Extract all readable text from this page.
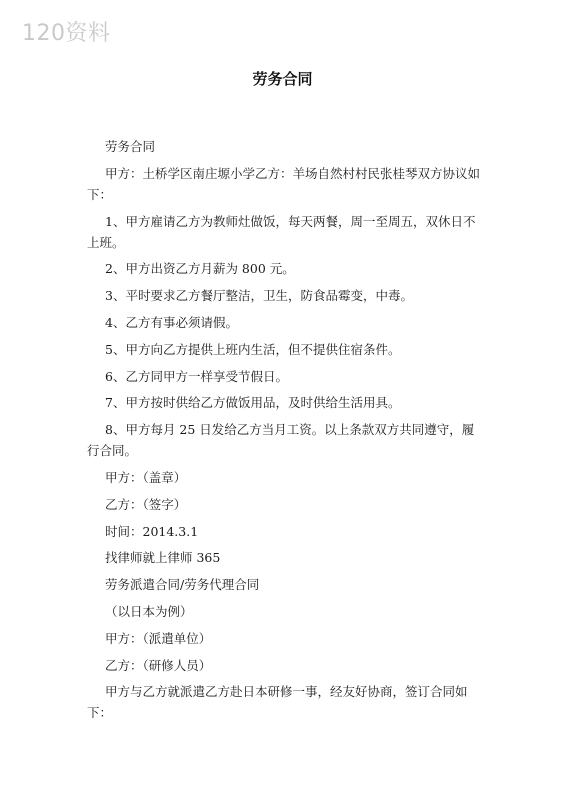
120资料
劳务合同

劳务合同

甲方：土桥学区南庄塬小学乙方：羊场自然村村民张桂琴双方协议如下：

1、甲方雇请乙方为教师灶做饭，每天两餐，周一至周五，双休日不上班。

2、甲方出资乙方月薪为 800 元。

3、平时要求乙方餐厅整洁，卫生，防食品霉变，中毒。

4、乙方有事必须请假。

5、甲方向乙方提供上班内生活，但不提供住宿条件。

6、乙方同甲方一样享受节假日。

7、甲方按时供给乙方做饭用品，及时供给生活用具。

8、甲方每月 25 日发给乙方当月工资。以上条款双方共同遵守，履行合同。

甲方：（盖章）

乙方：（签字）

时间：2014.3.1

找律师就上律师 365

劳务派遣合同/劳务代理合同

（以日本为例）

甲方：（派遣单位）

乙方：（研修人员）

甲方与乙方就派遣乙方赴日本研修一事，经友好协商，签订合同如下：
